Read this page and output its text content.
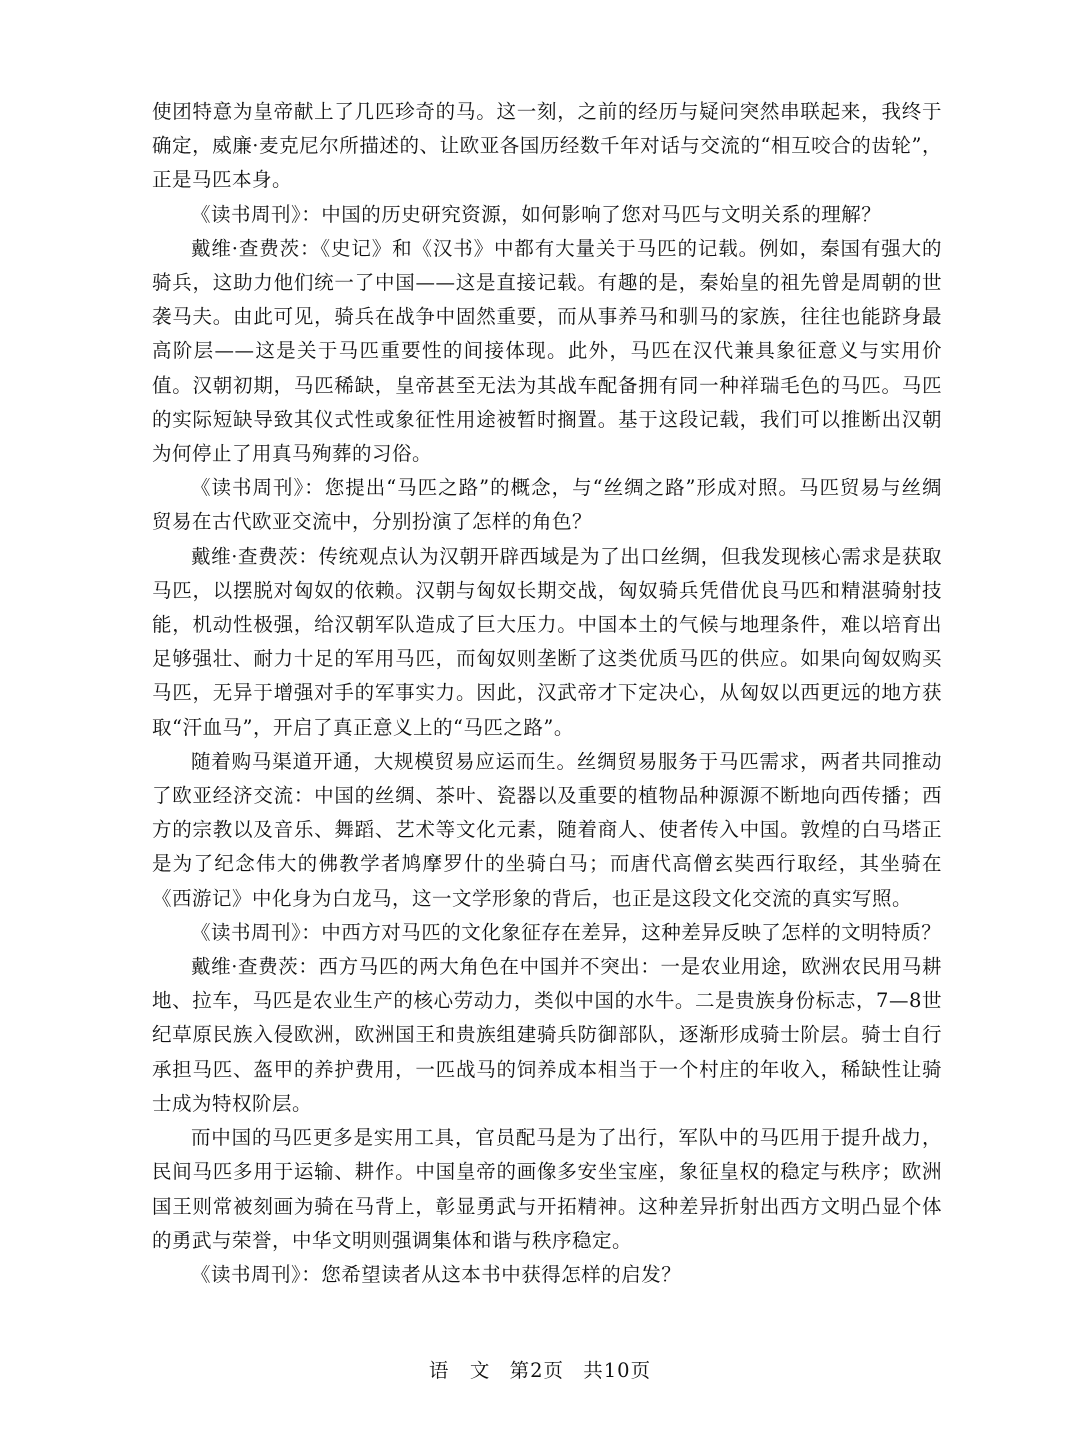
使团特意为皇帝献上了几匹珍奇的马。这一刻，之前的经历与疑问突然串联起来，我终于确定，威廉·麦克尼尔所描述的、让欧亚各国历经数千年对话与交流的“相互咬合的齿轮”，正是马匹本身。

《读书周刊》：中国的历史研究资源，如何影响了您对马匹与文明关系的理解？

戴维·查费茨：《史记》和《汉书》中都有大量关于马匹的记载。例如，秦国有强大的骑兵，这助力他们统一了中国——这是直接记载。有趣的是，秦始皇的祖先曾是周朝的世袭马夫。由此可见，骑兵在战争中固然重要，而从事养马和驯马的家族，往往也能跻身最高阶层——这是关于马匹重要性的间接体现。此外，马匹在汉代兼具象征意义与实用价值。汉朝初期，马匹稀缺，皇帝甚至无法为其战车配备拥有同一种祥瑞毛色的马匹。马匹的实际短缺导致其仪式性或象征性用途被暂时搁置。基于这段记载，我们可以推断出汉朝为何停止了用真马殉葬的习俗。

《读书周刊》：您提出“马匹之路”的概念，与“丝绸之路”形成对照。马匹贸易与丝绸贸易在古代欧亚交流中，分别扮演了怎样的角色？

戴维·查费茨：传统观点认为汉朝开辟西域是为了出口丝绸，但我发现核心需求是获取马匹，以摆脱对匈奴的依赖。汉朝与匈奴长期交战，匈奴骑兵凭借优良马匹和精湛骑射技能，机动性极强，给汉朝军队造成了巨大压力。中国本土的气候与地理条件，难以培育出足够强壮、耐力十足的军用马匹，而匈奴则垄断了这类优质马匹的供应。如果向匈奴购买马匹，无异于增强对手的军事实力。因此，汉武帝才下定决心，从匈奴以西更远的地方获取“汗血马”，开启了真正意义上的“马匹之路”。

随着购马渠道开通，大规模贸易应运而生。丝绸贸易服务于马匹需求，两者共同推动了欧亚经济交流：中国的丝绸、茶叶、瓷器以及重要的植物品种源源不断地向西传播；西方的宗教以及音乐、舞蹈、艺术等文化元素，随着商人、使者传入中国。敦煌的白马塔正是为了纪念伟大的佛教学者鸠摩罗什的坐骑白马；而唐代高僧玄奘西行取经，其坐骑在《西游记》中化身为白龙马，这一文学形象的背后，也正是这段文化交流的真实写照。

《读书周刊》：中西方对马匹的文化象征存在差异，这种差异反映了怎样的文明特质？

戴维·查费茨：西方马匹的两大角色在中国并不突出：一是农业用途，欧洲农民用马耕地、拉车，马匹是农业生产的核心劳动力，类似中国的水牛。二是贵族身份标志，7—8世纪草原民族入侵欧洲，欧洲国王和贵族组建骑兵防御部队，逐渐形成骑士阶层。骑士自行承担马匹、盔甲的养护费用，一匹战马的饲养成本相当于一个村庄的年收入，稀缺性让骑士成为特权阶层。

而中国的马匹更多是实用工具，官员配马是为了出行，军队中的马匹用于提升战力，民间马匹多用于运输、耕作。中国皇帝的画像多安坐宝座，象征皇权的稳定与秩序；欧洲国王则常被刻画为骑在马背上，彰显勇武与开拓精神。这种差异折射出西方文明凸显个体的勇武与荣誉，中华文明则强调集体和谐与秩序稳定。

《读书周刊》：您希望读者从这本书中获得怎样的启发？

语　文 第2页 共10页
